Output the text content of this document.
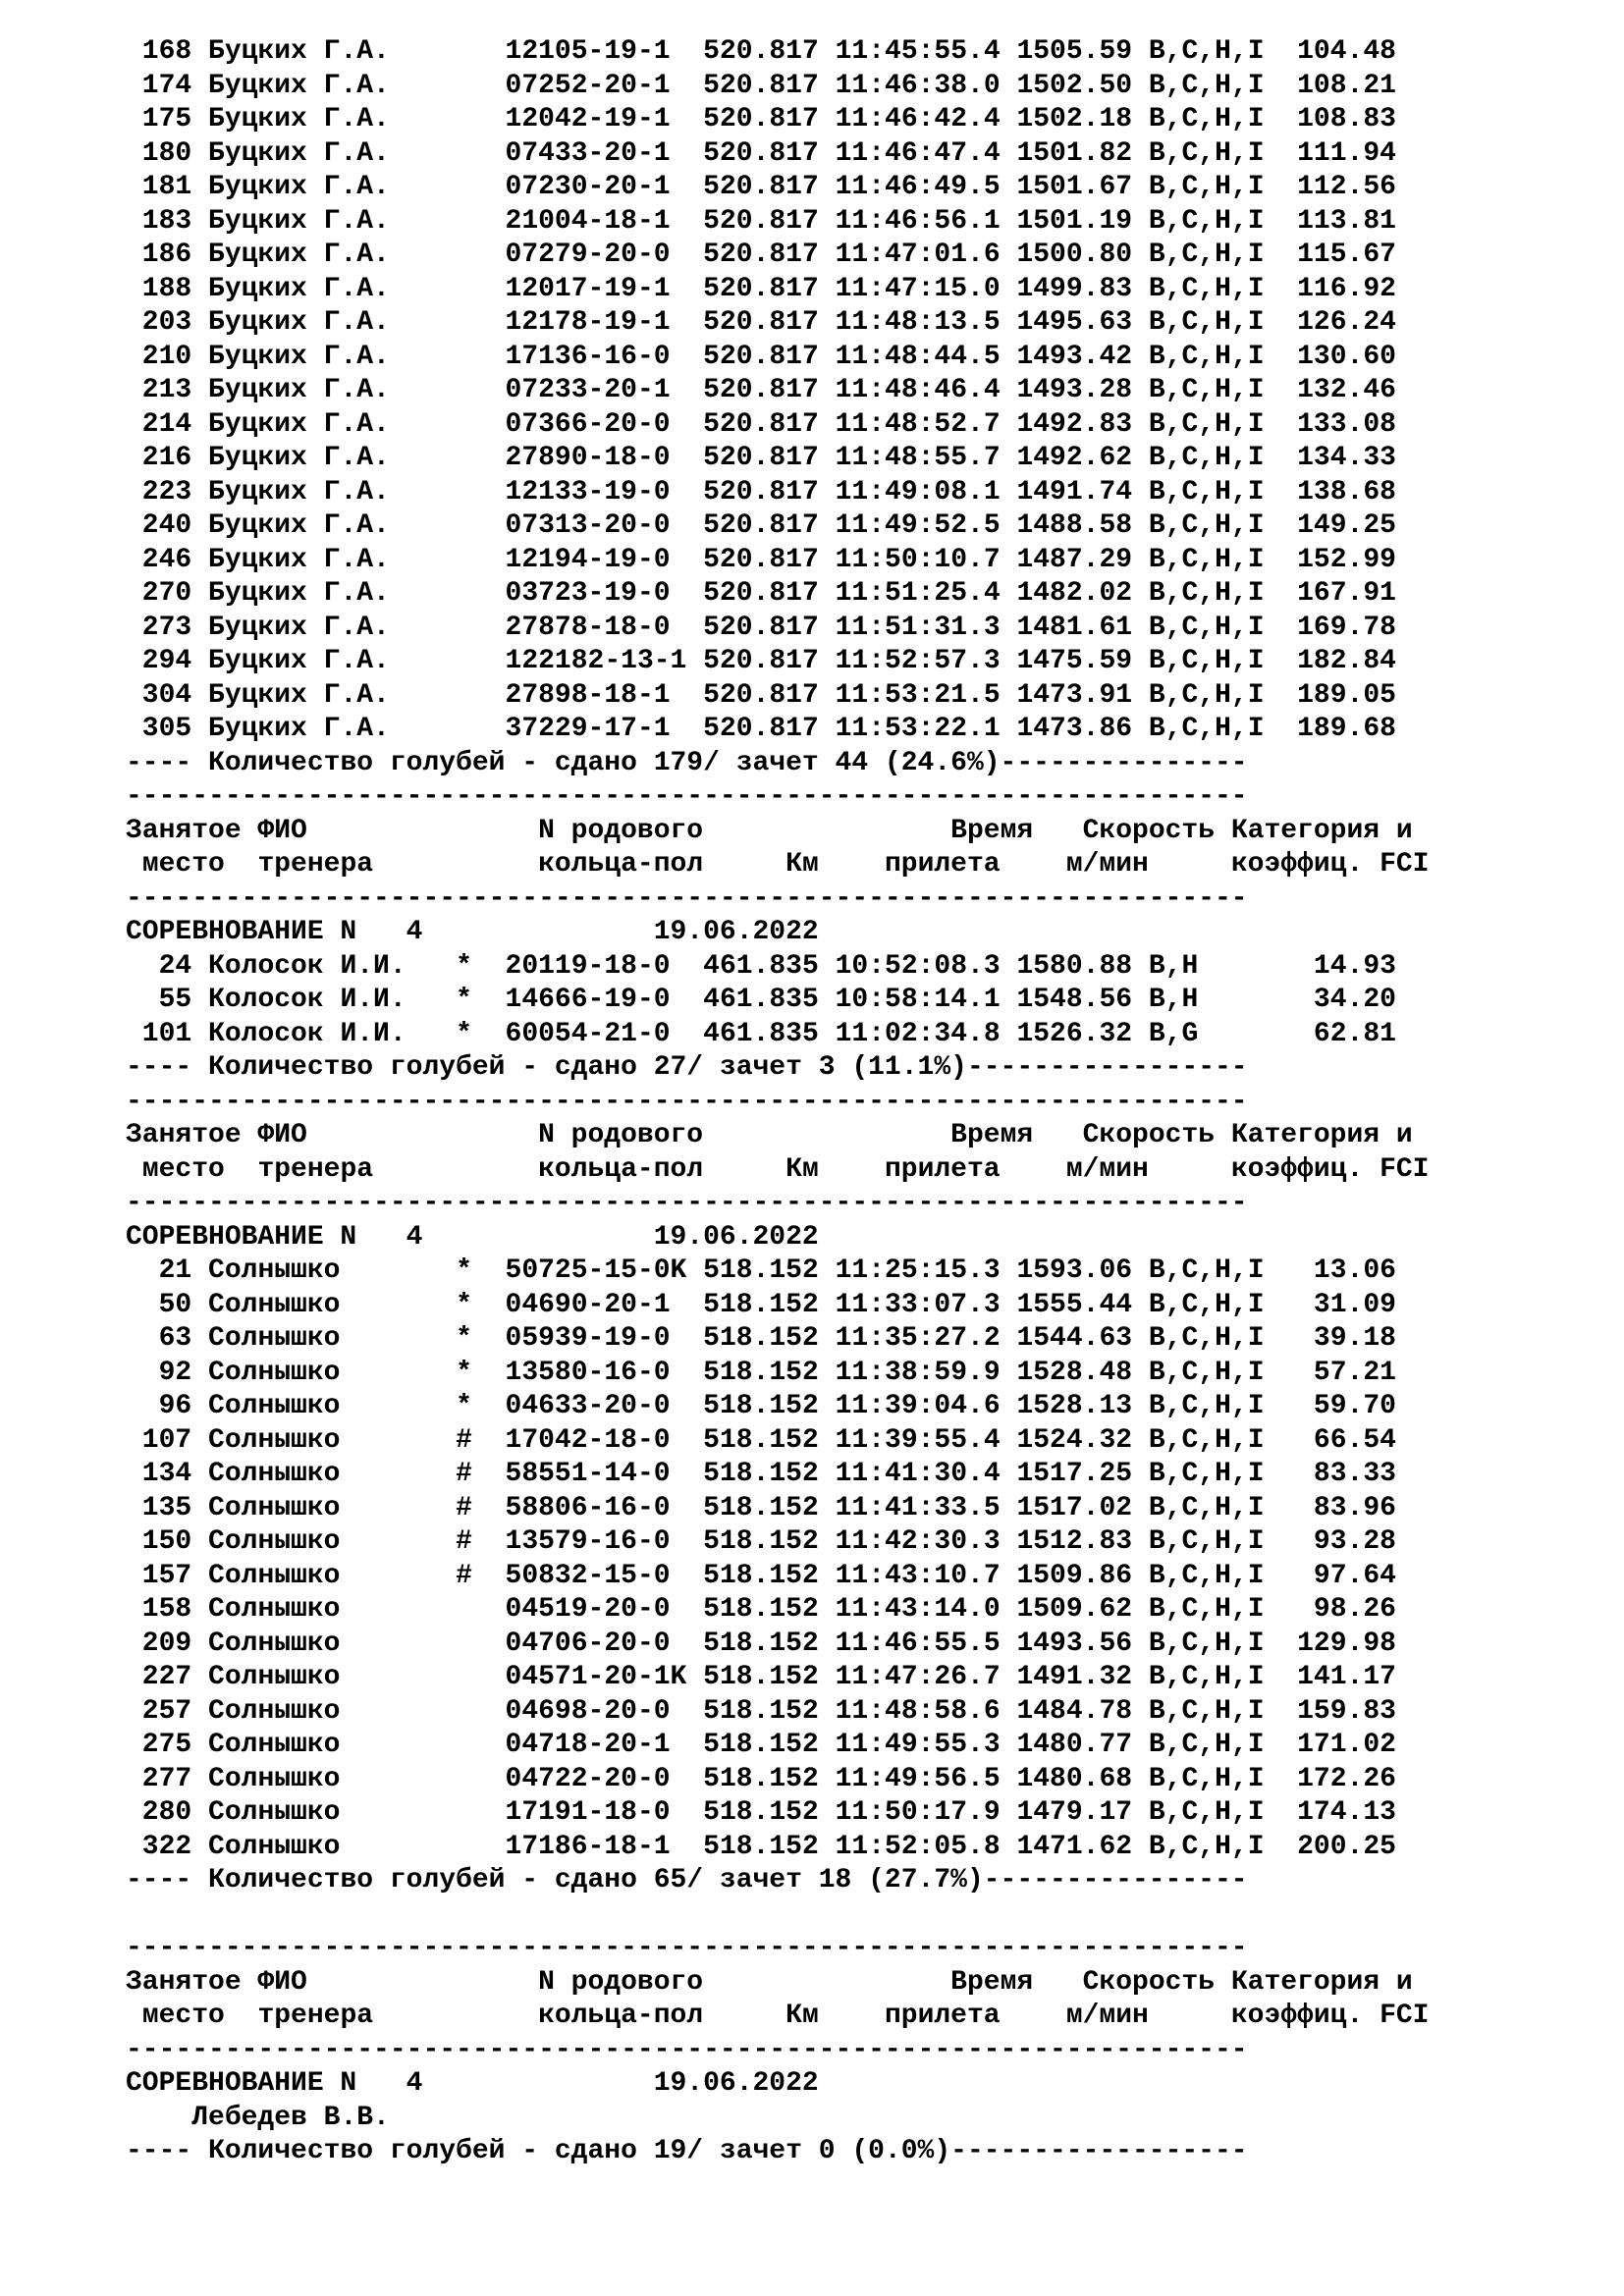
168 Буцких Г.А.       12105-19-1  520.817 11:45:55.4 1505.59 B,C,H,I  104.48
174 Буцких Г.А.       07252-20-1  520.817 11:46:38.0 1502.50 B,C,H,I  108.21
175 Буцких Г.А.       12042-19-1  520.817 11:46:42.4 1502.18 B,C,H,I  108.83
180 Буцких Г.А.       07433-20-1  520.817 11:46:47.4 1501.82 B,C,H,I  111.94
181 Буцких Г.А.       07230-20-1  520.817 11:46:49.5 1501.67 B,C,H,I  112.56
183 Буцких Г.А.       21004-18-1  520.817 11:46:56.1 1501.19 B,C,H,I  113.81
186 Буцких Г.А.       07279-20-0  520.817 11:47:01.6 1500.80 B,C,H,I  115.67
188 Буцких Г.А.       12017-19-1  520.817 11:47:15.0 1499.83 B,C,H,I  116.92
203 Буцких Г.А.       12178-19-1  520.817 11:48:13.5 1495.63 B,C,H,I  126.24
210 Буцких Г.А.       17136-16-0  520.817 11:48:44.5 1493.42 B,C,H,I  130.60
213 Буцких Г.А.       07233-20-1  520.817 11:48:46.4 1493.28 B,C,H,I  132.46
214 Буцких Г.А.       07366-20-0  520.817 11:48:52.7 1492.83 B,C,H,I  133.08
216 Буцких Г.А.       27890-18-0  520.817 11:48:55.7 1492.62 B,C,H,I  134.33
223 Буцких Г.А.       12133-19-0  520.817 11:49:08.1 1491.74 B,C,H,I  138.68
240 Буцких Г.А.       07313-20-0  520.817 11:49:52.5 1488.58 B,C,H,I  149.25
246 Буцких Г.А.       12194-19-0  520.817 11:50:10.7 1487.29 B,C,H,I  152.99
270 Буцких Г.А.       03723-19-0  520.817 11:51:25.4 1482.02 B,C,H,I  167.91
273 Буцких Г.А.       27878-18-0  520.817 11:51:31.3 1481.61 B,C,H,I  169.78
294 Буцких Г.А.       122182-13-1 520.817 11:52:57.3 1475.59 B,C,H,I  182.84
304 Буцких Г.А.       27898-18-1  520.817 11:53:21.5 1473.91 B,C,H,I  189.05
305 Буцких Г.А.       37229-17-1  520.817 11:53:22.1 1473.86 B,C,H,I  189.68
---- Количество голубей - сдано 179/ зачет 44 (24.6%)---------------
--------------------------------------------------------------------
Занятое ФИО              N родового               Время Скорость Категория и
место  тренера          кольца-пол     Км    прилета    м/мин     коэффиц. FCI
--------------------------------------------------------------------
СОРЕВНОВАНИЕ N   4              19.06.2022
24 Колосок И.И.   *  20119-18-0  461.835 10:52:08.3 1580.88 B,H       14.93
55 Колосок И.И.   *  14666-19-0  461.835 10:58:14.1 1548.56 B,H       34.20
101 Колосок И.И.   *  60054-21-0  461.835 11:02:34.8 1526.32 B,G       62.81
---- Количество голубей - сдано 27/ зачет 3 (11.1%)-----------------
--------------------------------------------------------------------
Занятое ФИО              N родового               Время Скорость Категория и
место  тренера          кольца-пол     Км    прилета    м/мин     коэффиц. FCI
--------------------------------------------------------------------
СОРЕВНОВАНИЕ N   4              19.06.2022
21 Солнышко       *  50725-15-0K 518.152 11:25:15.3 1593.06 B,C,H,I   13.06
50 Солнышко       *  04690-20-1  518.152 11:33:07.3 1555.44 B,C,H,I   31.09
63 Солнышко       *  05939-19-0  518.152 11:35:27.2 1544.63 B,C,H,I   39.18
92 Солнышко       *  13580-16-0  518.152 11:38:59.9 1528.48 B,C,H,I   57.21
96 Солнышко       *  04633-20-0  518.152 11:39:04.6 1528.13 B,C,H,I   59.70
107 Солнышко       #  17042-18-0  518.152 11:39:55.4 1524.32 B,C,H,I   66.54
134 Солнышко       #  58551-14-0  518.152 11:41:30.4 1517.25 B,C,H,I   83.33
135 Солнышко       #  58806-16-0  518.152 11:41:33.5 1517.02 B,C,H,I   83.96
150 Солнышко       #  13579-16-0  518.152 11:42:30.3 1512.83 B,C,H,I   93.28
157 Солнышко       #  50832-15-0  518.152 11:43:10.7 1509.86 B,C,H,I   97.64
158 Солнышко          04519-20-0  518.152 11:43:14.0 1509.62 B,C,H,I   98.26
209 Солнышко          04706-20-0  518.152 11:46:55.5 1493.56 B,C,H,I  129.98
227 Солнышко          04571-20-1K 518.152 11:47:26.7 1491.32 B,C,H,I  141.17
257 Солнышко          04698-20-0  518.152 11:48:58.6 1484.78 B,C,H,I  159.83
275 Солнышко          04718-20-1  518.152 11:49:55.3 1480.77 B,C,H,I  171.02
277 Солнышко          04722-20-0  518.152 11:49:56.5 1480.68 B,C,H,I  172.26
280 Солнышко          17191-18-0  518.152 11:50:17.9 1479.17 B,C,H,I  174.13
322 Солнышко          17186-18-1  518.152 11:52:05.8 1471.62 B,C,H,I  200.25
---- Количество голубей - сдано 65/ зачет 18 (27.7%)----------------
--------------------------------------------------------------------
Занятое ФИО              N родового               Время Скорость Категория и
место  тренера          кольца-пол     Км    прилета    м/мин     коэффиц. FCI
--------------------------------------------------------------------
СОРЕВНОВАНИЕ N   4              19.06.2022
Лебедев В.В.
---- Количество голубей - сдано 19/ зачет 0 (0.0%)------------------
